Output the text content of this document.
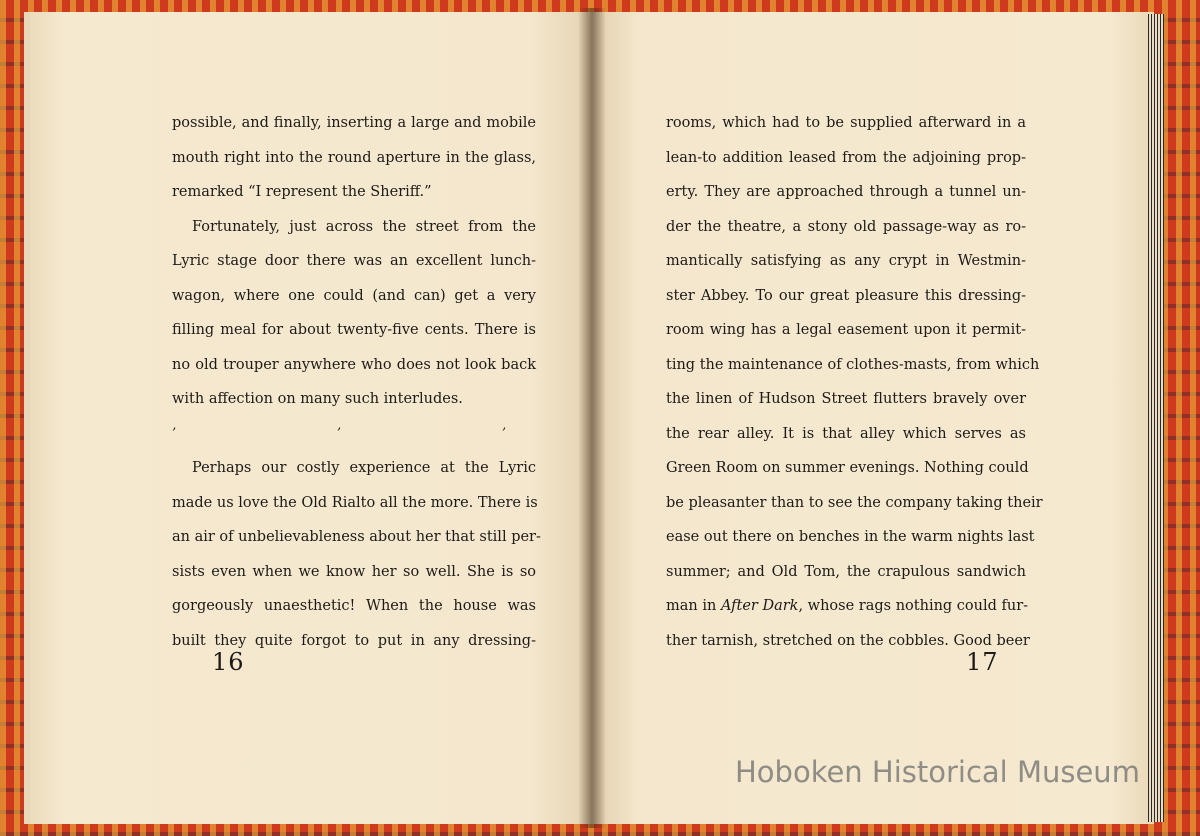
possible, and finally, inserting a large and mobile
mouth right into the round aperture in the glass,
remarked “I represent the Sheriff.”
Fortunately, just across the street from the
Lyric stage door there was an excellent lunch-
wagon, where one could (and can) get a very
filling meal for about twenty-five cents. There is
no old trouper anywhere who does not look back
with affection on many such interludes.
’ ’ ’
Perhaps our costly experience at the Lyric
made us love the Old Rialto all the more. There is
an air of unbelievableness about her that still per-
sists even when we know her so well. She is so
gorgeously unaesthetic! When the house was
built they quite forgot to put in any dressing-
16
rooms, which had to be supplied afterward in a
lean-to addition leased from the adjoining prop-
erty. They are approached through a tunnel un-
der the theatre, a stony old passage-way as ro-
mantically satisfying as any crypt in Westmin-
ster Abbey. To our great pleasure this dressing-
room wing has a legal easement upon it permit-
ting the maintenance of clothes-masts, from which
the linen of Hudson Street flutters bravely over
the rear alley. It is that alley which serves as
Green Room on summer evenings. Nothing could
be pleasanter than to see the company taking their
ease out there on benches in the warm nights last
summer; and Old Tom, the crapulous sandwich
man in After Dark, whose rags nothing could fur-
ther tarnish, stretched on the cobbles. Good beer
17
Hoboken Historical Museum
